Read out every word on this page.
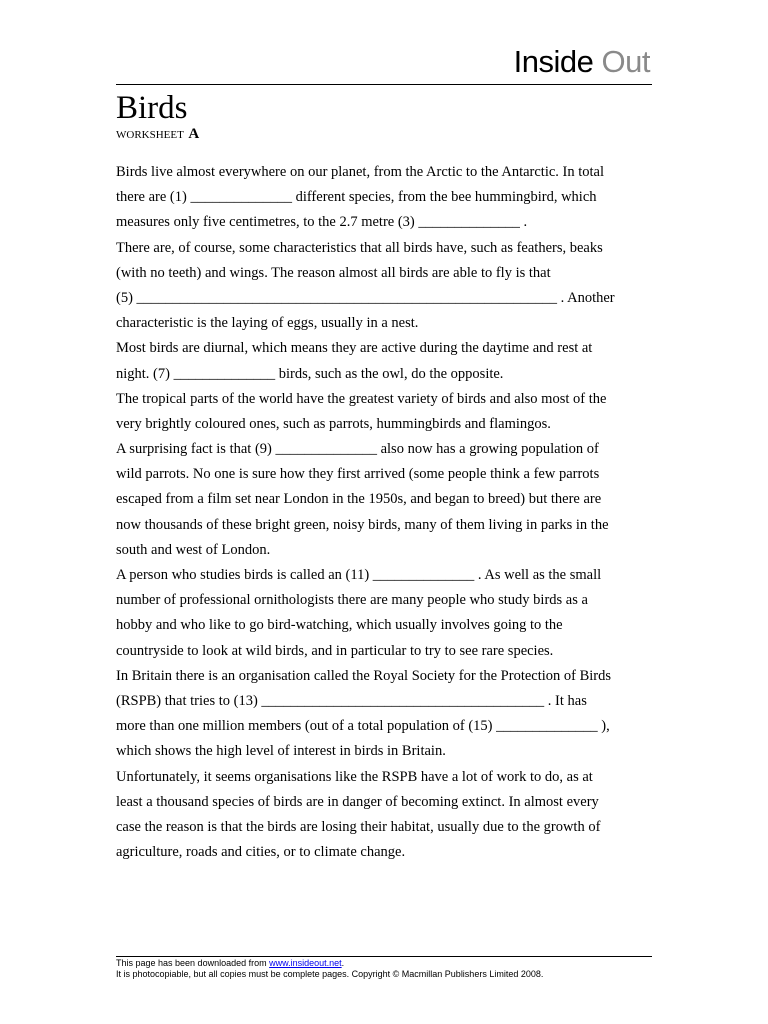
Inside Out
Birds
WORKSHEET A
Birds live almost everywhere on our planet, from the Arctic to the Antarctic. In total
there are (1) ______________ different species, from the bee hummingbird, which
measures only five centimetres, to the 2.7 metre (3) ______________ .
There are, of course, some characteristics that all birds have, such as feathers, beaks
(with no teeth) and wings. The reason almost all birds are able to fly is that
(5) __________________________________________________________ . Another
characteristic is the laying of eggs, usually in a nest.
Most birds are diurnal, which means they are active during the daytime and rest at
night. (7) ______________ birds, such as the owl, do the opposite.
The tropical parts of the world have the greatest variety of birds and also most of the
very brightly coloured ones, such as parrots, hummingbirds and flamingos.
A surprising fact is that (9) ______________ also now has a growing population of
wild parrots. No one is sure how they first arrived (some people think a few parrots
escaped from a film set near London in the 1950s, and began to breed) but there are
now thousands of these bright green, noisy birds, many of them living in parks in the
south and west of London.
A person who studies birds is called an (11) ______________ . As well as the small
number of professional ornithologists there are many people who study birds as a
hobby and who like to go bird-watching, which usually involves going to the
countryside to look at wild birds, and in particular to try to see rare species.
In Britain there is an organisation called the Royal Society for the Protection of Birds
(RSPB) that tries to (13) _______________________________________ . It has
more than one million members (out of a total population of (15) ______________ ),
which shows the high level of interest in birds in Britain.
Unfortunately, it seems organisations like the RSPB have a lot of work to do, as at
least a thousand species of birds are in danger of becoming extinct. In almost every
case the reason is that the birds are losing their habitat, usually due to the growth of
agriculture, roads and cities, or to climate change.
This page has been downloaded from www.insideout.net.
It is photocopiable, but all copies must be complete pages. Copyright © Macmillan Publishers Limited 2008.
